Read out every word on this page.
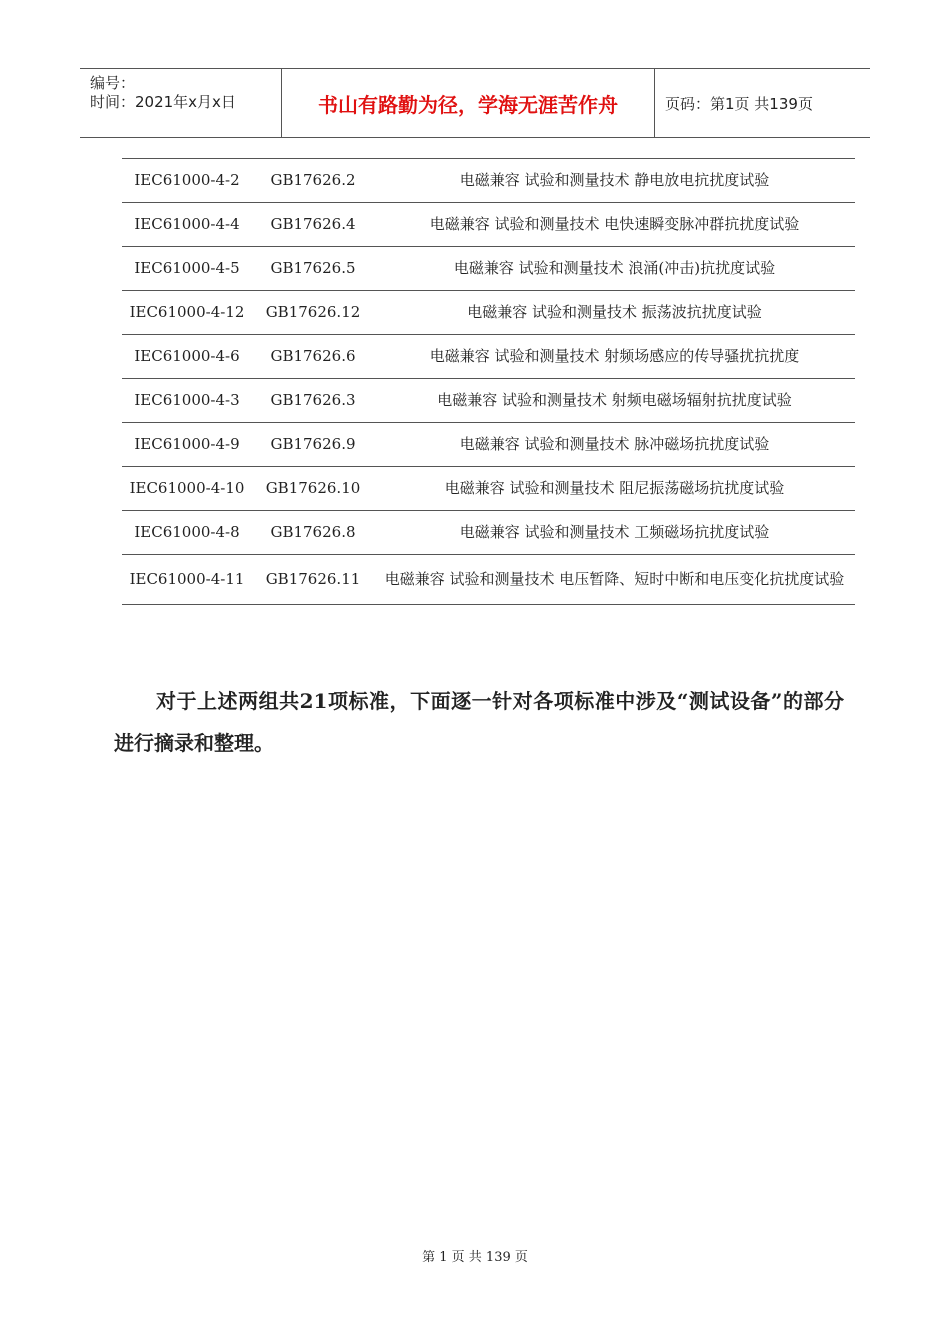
编号：
时间：2021年x月x日	书山有路勤为径，学海无涯苦作舟	页码：第1页 共139页
IEC61000-4-2	GB17626.2	电磁兼容 试验和测量技术 静电放电抗扰度试验
IEC61000-4-4	GB17626.4	电磁兼容 试验和测量技术 电快速瞬变脉冲群抗扰度试验
IEC61000-4-5	GB17626.5	电磁兼容 试验和测量技术 浪涌(冲击)抗扰度试验
IEC61000-4-12	GB17626.12	电磁兼容 试验和测量技术 振荡波抗扰度试验
IEC61000-4-6	GB17626.6	电磁兼容 试验和测量技术 射频场感应的传导骚扰抗扰度
IEC61000-4-3	GB17626.3	电磁兼容 试验和测量技术 射频电磁场辐射抗扰度试验
IEC61000-4-9	GB17626.9	电磁兼容 试验和测量技术 脉冲磁场抗扰度试验
IEC61000-4-10	GB17626.10	电磁兼容 试验和测量技术 阻尼振荡磁场抗扰度试验
IEC61000-4-8	GB17626.8	电磁兼容 试验和测量技术 工频磁场抗扰度试验
IEC61000-4-11	GB17626.11	电磁兼容 试验和测量技术 电压暂降、短时中断和电压变化抗扰度试验

对于上述两组共21项标准，下面逐一针对各项标准中涉及“测试设备”的部分进行摘录和整理。

第 1 页 共 139 页
